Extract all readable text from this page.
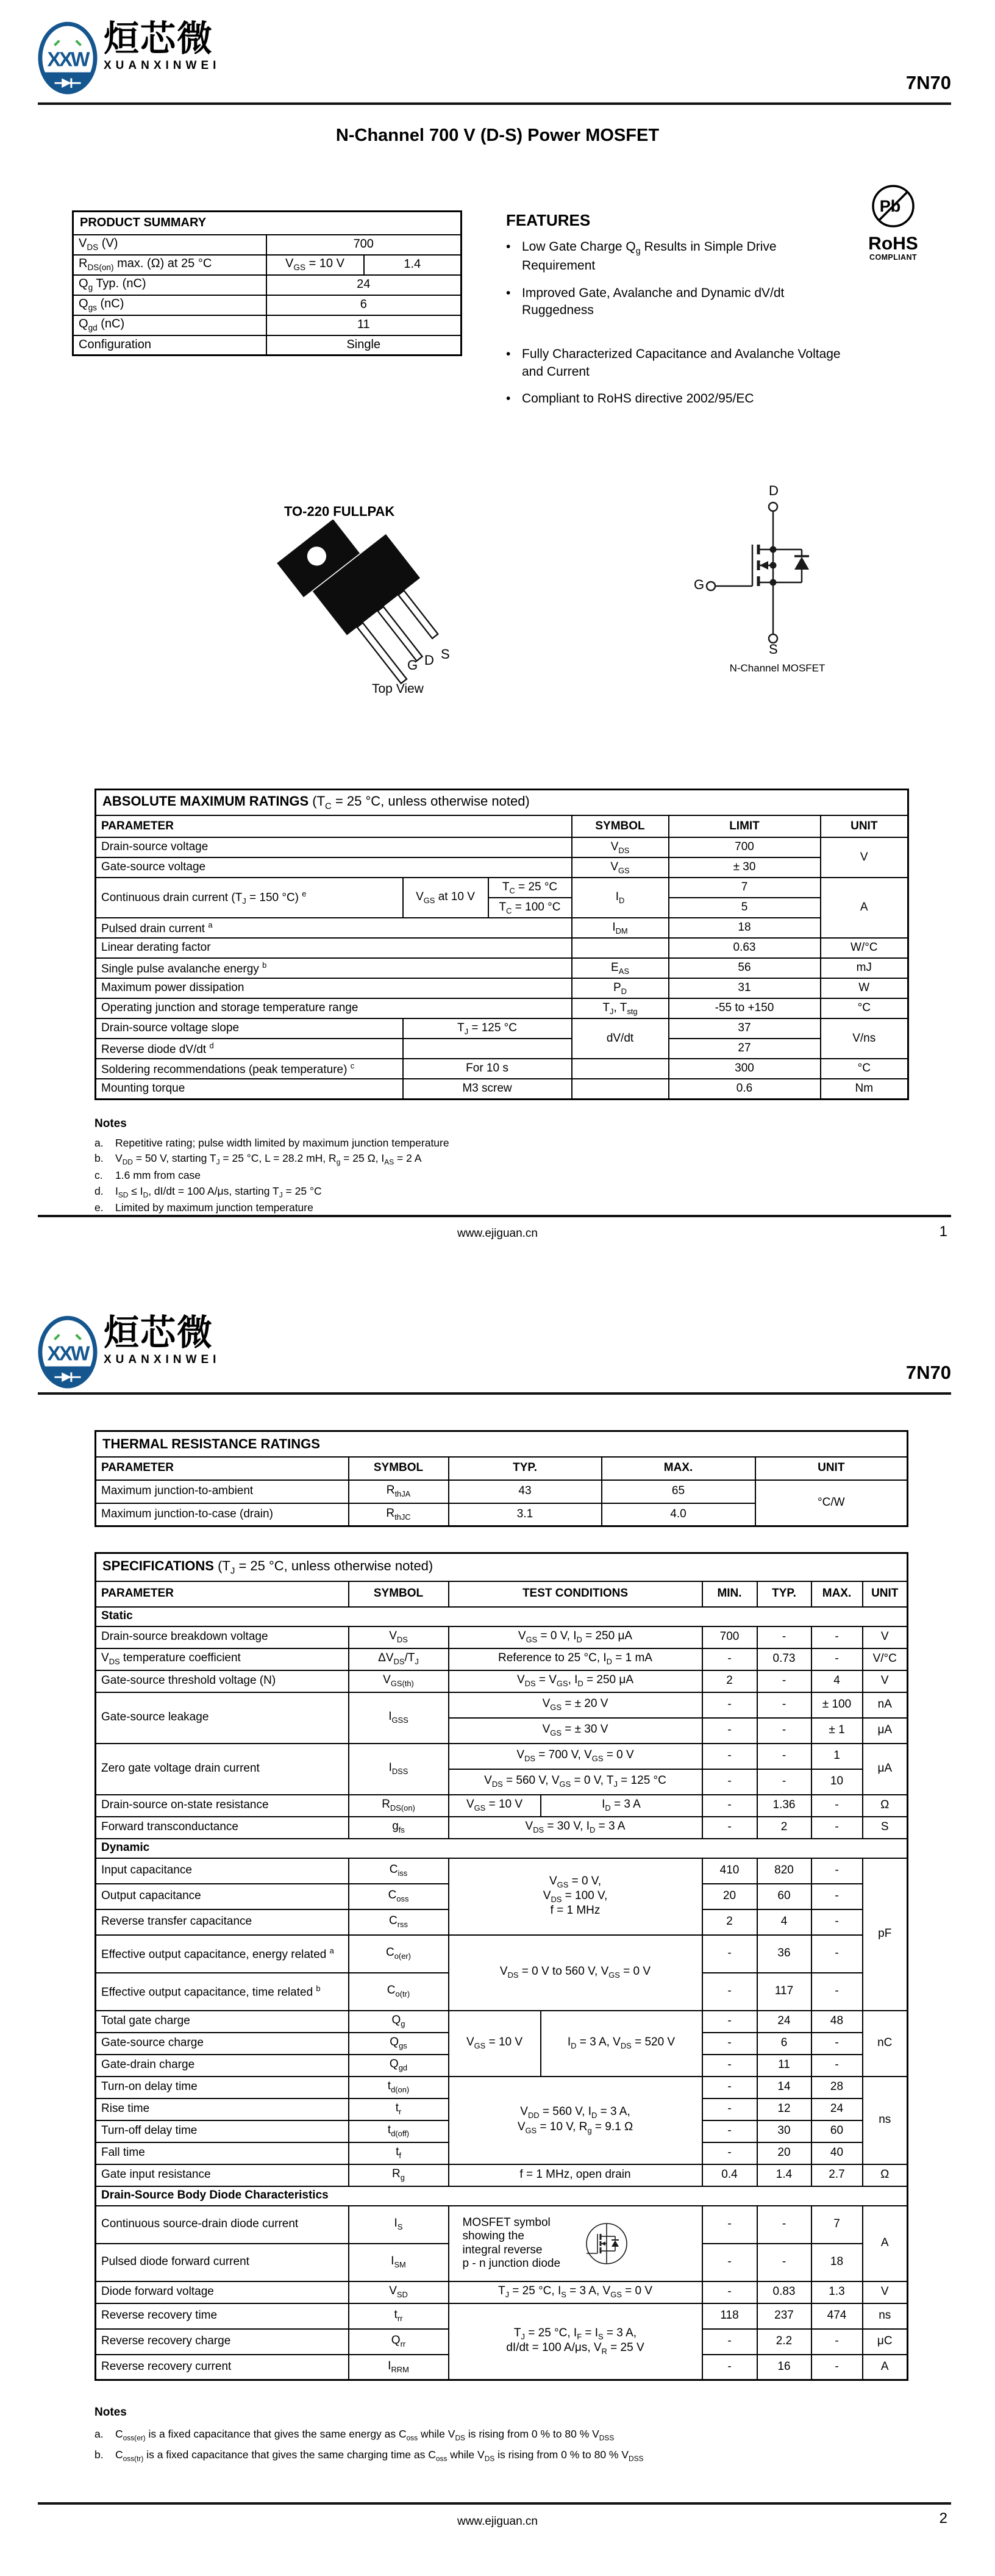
XXW
烜芯微
XUANXINWEI
7N70
N-Channel 700 V (D-S) Power MOSFET
PRODUCT SUMMARY		
$V_{DS}$ (V)	700	
$R_{DS(on)}$ max. (Ω) at 25 °C	$V_{GS} = 10$ V	1.4
$Q_g$ Typ. (nC)	24	
$Q_{gs}$ (nC)	6	
$Q_{gd}$ (nC)	11	
Configuration	Single	
FEATURES
• Low Gate Charge $Q_g$ Results in Simple Drive Requirement
• Improved Gate, Avalanche and Dynamic dV/dt Ruggedness
• Fully Characterized Capacitance and Avalanche Voltage and Current
• Compliant to RoHS directive 2002/95/EC
Pb
RoHS
COMPLIANT
TO-220 FULLPAK
G D S
Top View
D
G
S
N-Channel MOSFET
ABSOLUTE MAXIMUM RATINGS ($T_C = 25$ °C, unless otherwise noted)					
PARAMETER			SYMBOL	LIMIT	UNIT
Drain-source voltage			$V_{DS}$	700	V
Gate-source voltage			$V_{GS}$	± 30	
Continuous drain current ($T_J = 150$ °C) $^e$	$V_{GS}$ at 10 V	$T_C = 25$ °C	$I_D$	7	A
		$T_C = 100$ °C		5	
Pulsed drain current $^a$			$I_{DM}$	18	
Linear derating factor				0.63	W/°C
Single pulse avalanche energy $^b$			$E_{AS}$	56	mJ
Maximum power dissipation			$P_D$	31	W
Operating junction and storage temperature range			$T_J$, $T_{stg}$	-55 to +150	°C
Drain-source voltage slope	$T_J = 125$ °C		dV/dt	37	V/ns
Reverse diode dV/dt $^d$				27	
Soldering recommendations (peak temperature) $^c$	For 10 s			300	°C
Mounting torque	M3 screw			0.6	Nm
Notes
a.	Repetitive rating; pulse width limited by maximum junction temperature
b.	$V_{DD} = 50$ V, starting $T_J = 25$ °C, L = 28.2 mH, $R_g = 25$ Ω, $I_{AS} = 2$ A
c.	1.6 mm from case
d.	$I_{SD} \le I_D$, dI/dt = 100 A/μs, starting $T_J = 25$ °C
e.	Limited by maximum junction temperature
www.ejiguan.cn	1
XXW
烜芯微
XUANXINWEI
7N70
THERMAL RESISTANCE RATINGS				
PARAMETER	SYMBOL	TYP.	MAX.	UNIT
Maximum junction-to-ambient	$R_{thJA}$	43	65	°C/W
Maximum junction-to-case (drain)	$R_{thJC}$	3.1	4.0	
SPECIFICATIONS ($T_J = 25$ °C, unless otherwise noted)							
PARAMETER	SYMBOL	TEST CONDITIONS		MIN.	TYP.	MAX.	UNIT
Static							
Drain-source breakdown voltage	$V_{DS}$	$V_{GS} = 0$ V, $I_D = 250$ μA		700	-	-	V
$V_{DS}$ temperature coefficient	$\Delta V_{DS}/T_J$	Reference to 25 °C, $I_D = 1$ mA		-	0.73	-	V/°C
Gate-source threshold voltage (N)	$V_{GS(th)}$	$V_{DS} = V_{GS}$, $I_D = 250$ μA		2	-	4	V
Gate-source leakage	$I_{GSS}$	$V_{GS}$ = ± 20 V		-	-	± 100	nA
		$V_{GS}$ = ± 30 V		-	-	± 1	μA
Zero gate voltage drain current	$I_{DSS}$	$V_{DS} = 700$ V, $V_{GS} = 0$ V		-	-	1	μA
		$V_{DS} = 560$ V, $V_{GS} = 0$ V, $T_J = 125$ °C		-	-	10	
Drain-source on-state resistance	$R_{DS(on)}$	$V_{GS} = 10$ V	$I_D = 3$ A	-	1.36	-	Ω
Forward transconductance	$g_{fs}$	$V_{DS} = 30$ V, $I_D = 3$ A		-	2	-	S
Dynamic							
Input capacitance	$C_{iss}$	$V_{GS} = 0$ V,
$V_{DS} = 100$ V,
f = 1 MHz		410	820	-	pF
Output capacitance	$C_{oss}$			20	60	-	
Reverse transfer capacitance	$C_{rss}$			2	4	-	
Effective output capacitance, energy related $^a$	$C_{o(er)}$	$V_{DS} = 0$ V to 560 V, $V_{GS} = 0$ V		-	36	-	
Effective output capacitance, time related $^b$	$C_{o(tr)}$			-	117	-	
Total gate charge	$Q_g$	$V_{GS} = 10$ V	$I_D = 3$ A, $V_{DS} = 520$ V	-	24	48	nC
Gate-source charge	$Q_{gs}$			-	6	-	
Gate-drain charge	$Q_{gd}$			-	11	-	
Turn-on delay time	$t_{d(on)}$	$V_{DD} = 560$ V, $I_D = 3$ A,
$V_{GS} = 10$ V, $R_g = 9.1$ Ω		-	14	28	ns
Rise time	$t_r$			-	12	24	
Turn-off delay time	$t_{d(off)}$			-	30	60	
Fall time	$t_f$			-	20	40	
Gate input resistance	$R_g$	f = 1 MHz, open drain		0.4	1.4	2.7	Ω
Drain-Source Body Diode Characteristics							
Continuous source-drain diode current	$I_S$	MOSFET symbol
showing the
integral reverse
p - n junction diode		-	-	7	A
Pulsed diode forward current	$I_{SM}$			-	-	18	
Diode forward voltage	$V_{SD}$	$T_J = 25$ °C, $I_S = 3$ A, $V_{GS} = 0$ V		-	0.83	1.3	V
Reverse recovery time	$t_{rr}$	$T_J = 25$ °C, $I_F = I_S = 3$ A,
dI/dt = 100 A/μs, $V_R = 25$ V		118	237	474	ns
Reverse recovery charge	$Q_{rr}$			-	2.2	-	μC
Reverse recovery current	$I_{RRM}$			-	16	-	A
Notes
a.	$C_{oss(er)}$ is a fixed capacitance that gives the same energy as $C_{oss}$ while $V_{DS}$ is rising from 0 % to 80 % $V_{DSS}$
b.	$C_{oss(tr)}$ is a fixed capacitance that gives the same charging time as $C_{oss}$ while $V_{DS}$ is rising from 0 % to 80 % $V_{DSS}$
www.ejiguan.cn	2
